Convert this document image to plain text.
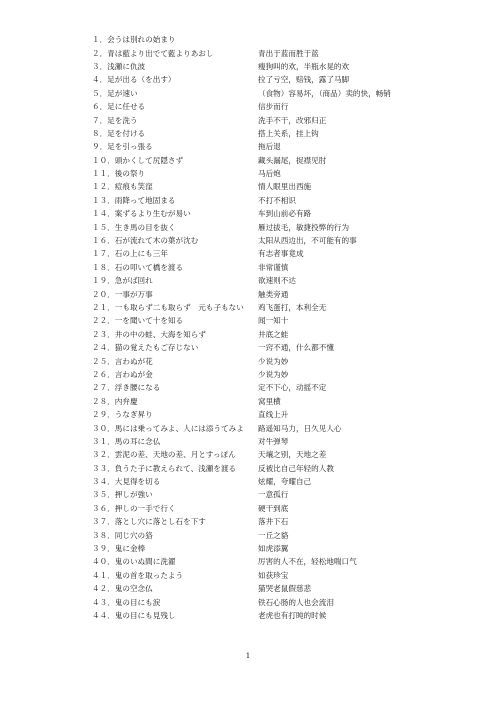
１．会うは別れの始まり
２．青は藍より出でて藍よりあおし	青出于蓝而胜于蓝
３．浅瀬に仇波	瘦狗叫的欢，半瓶水晃的欢
４．足が出る（を出す）	拉了亏空，赔钱，露了马脚
５．足が速い	（食物）容易坏，（商品）卖的快，畅销
６．足に任せる	信步而行
７．足を洗う	洗手不干，改邪归正
８．足を付ける	搭上关系，挂上钩
９．足を引っ張る	拖后退
１０．頭かくして尻隠さず	藏头漏尾，捉襟见肘
１１．後の祭り	马后炮
１２．痘痕も笑窪	情人眼里出西施
１３．雨降って地固まる	不打不相识
１４．案ずるより生むが易い	车到山前必有路
１５．生き馬の目を抜く	雁过拔毛，敏捷投弊的行为
１６．石が流れて木の葉が沈む	太阳从西边出，不可能有的事
１７．石の上にも三年	有志者事竟成
１８．石の叩いて橋を渡る	非常谨慎
１９．急がば回れ	欲速则不达
２０．一事が万事	触类旁通
２１．一も取らず二も取らず　元も子もない	鸡飞蛋打，本利全无
２２．一を聞いて十を知る	闻一知十
２３．井の中の蛙、大海を知らず	井底之蛙
２４．猫の覚えたもご存じない	一窍不通，什么都不懂
２５．言わぬが花	少说为妙
２６．言わぬが金	少说为妙
２７．浮き腰になる	定不下心，动摇不定
２８．内弁慶	窝里横
２９．うなぎ昇り	直线上升
３０．馬には乗ってみよ、人には添うてみよ	路遥知马力，日久见人心
３１．馬の耳に念仏	对牛弹琴
３２．雲泥の差、天地の差、月とすっぽん	天壤之别，天地之差
３３．負うた子に教えられて、浅瀬を渡る	反被比自己年轻的人教
３４．大見得を切る	炫耀，夸耀自己
３５．押しが強い	一意孤行
３６．押しの一手で行く	硬干到底
３７．落とし穴に落とし石を下す	落井下石
３８．同じ穴の狢	一丘之貉
３９．鬼に金棒	如虎添翼
４０．鬼のいぬ間に洗濯	厉害的人不在，轻松地喘口气
４１．鬼の首を取ったよう	如获珍宝
４２．鬼の空念仏	猫哭老鼠假慈悲
４３．鬼の目にも涙	铁石心肠的人也会流泪
４４．鬼の目にも見残し	老虎也有打盹的时候
1
